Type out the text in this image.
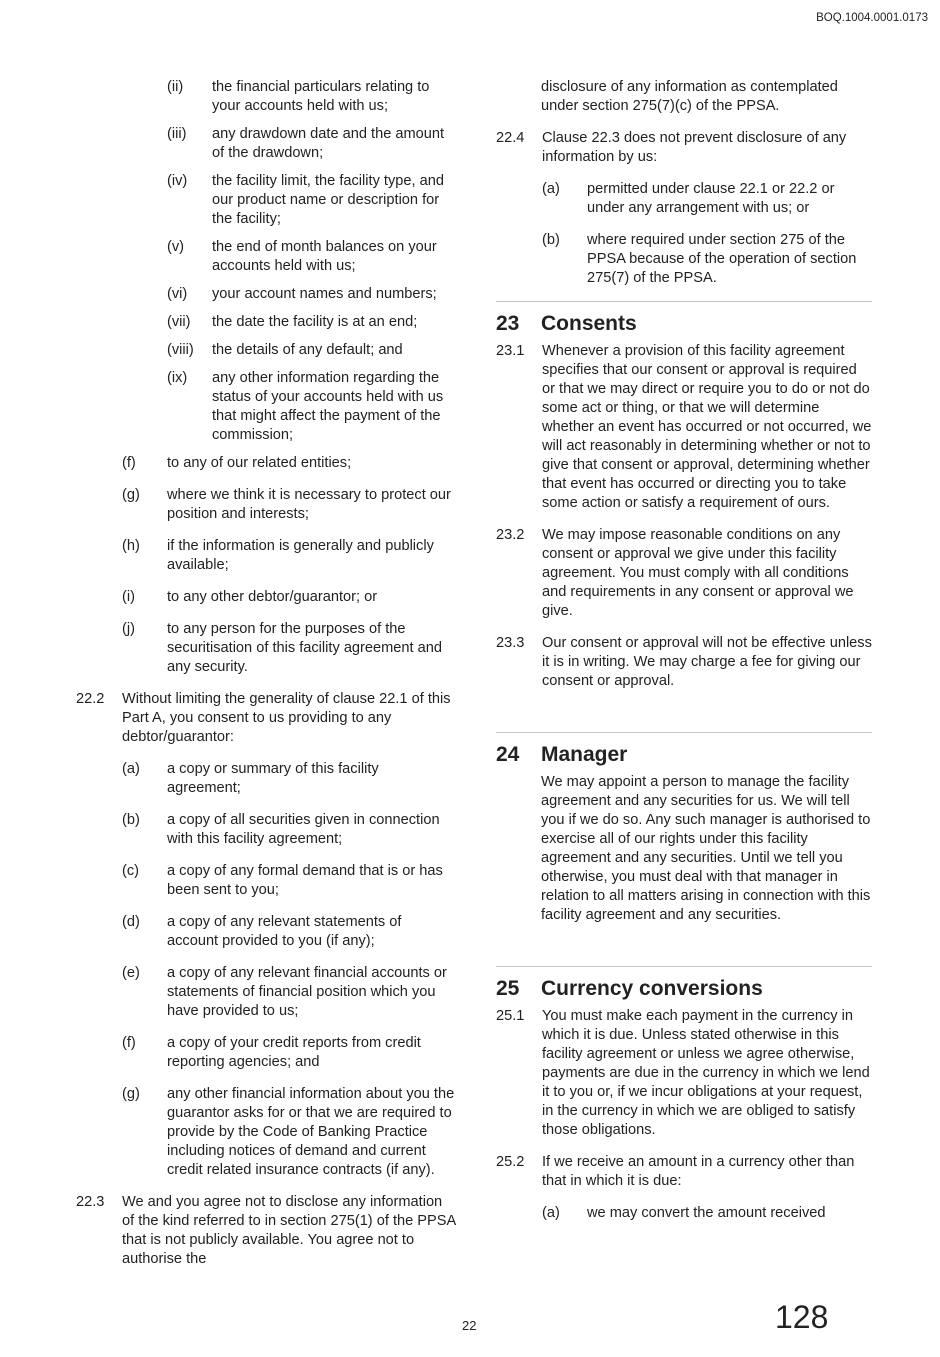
BOQ.1004.0001.0173
(ii) the financial particulars relating to your accounts held with us;
(iii) any drawdown date and the amount of the drawdown;
(iv) the facility limit, the facility type, and our product name or description for the facility;
(v) the end of month balances on your accounts held with us;
(vi) your account names and numbers;
(vii) the date the facility is at an end;
(viii) the details of any default; and
(ix) any other information regarding the status of your accounts held with us that might affect the payment of the commission;
(f) to any of our related entities;
(g) where we think it is necessary to protect our position and interests;
(h) if the information is generally and publicly available;
(i) to any other debtor/guarantor; or
(j) to any person for the purposes of the securitisation of this facility agreement and any security.
22.2 Without limiting the generality of clause 22.1 of this Part A, you consent to us providing to any debtor/guarantor:
(a) a copy or summary of this facility agreement;
(b) a copy of all securities given in connection with this facility agreement;
(c) a copy of any formal demand that is or has been sent to you;
(d) a copy of any relevant statements of account provided to you (if any);
(e) a copy of any relevant financial accounts or statements of financial position which you have provided to us;
(f) a copy of your credit reports from credit reporting agencies; and
(g) any other financial information about you the guarantor asks for or that we are required to provide by the Code of Banking Practice including notices of demand and current credit related insurance contracts (if any).
22.3 We and you agree not to disclose any information of the kind referred to in section 275(1) of the PPSA that is not publicly available. You agree not to authorise the
disclosure of any information as contemplated under section 275(7)(c) of the PPSA.
22.4 Clause 22.3 does not prevent disclosure of any information by us:
(a) permitted under clause 22.1 or 22.2 or under any arrangement with us; or
(b) where required under section 275 of the PPSA because of the operation of section 275(7) of the PPSA.
23 Consents
23.1 Whenever a provision of this facility agreement specifies that our consent or approval is required or that we may direct or require you to do or not do some act or thing, or that we will determine whether an event has occurred or not occurred, we will act reasonably in determining whether or not to give that consent or approval, determining whether that event has occurred or directing you to take some action or satisfy a requirement of ours.
23.2 We may impose reasonable conditions on any consent or approval we give under this facility agreement. You must comply with all conditions and requirements in any consent or approval we give.
23.3 Our consent or approval will not be effective unless it is in writing. We may charge a fee for giving our consent or approval.
24 Manager
We may appoint a person to manage the facility agreement and any securities for us. We will tell you if we do so. Any such manager is authorised to exercise all of our rights under this facility agreement and any securities. Until we tell you otherwise, you must deal with that manager in relation to all matters arising in connection with this facility agreement and any securities.
25 Currency conversions
25.1 You must make each payment in the currency in which it is due. Unless stated otherwise in this facility agreement or unless we agree otherwise, payments are due in the currency in which we lend it to you or, if we incur obligations at your request, in the currency in which we are obliged to satisfy those obligations.
25.2 If we receive an amount in a currency other than that in which it is due:
(a) we may convert the amount received
22	128
